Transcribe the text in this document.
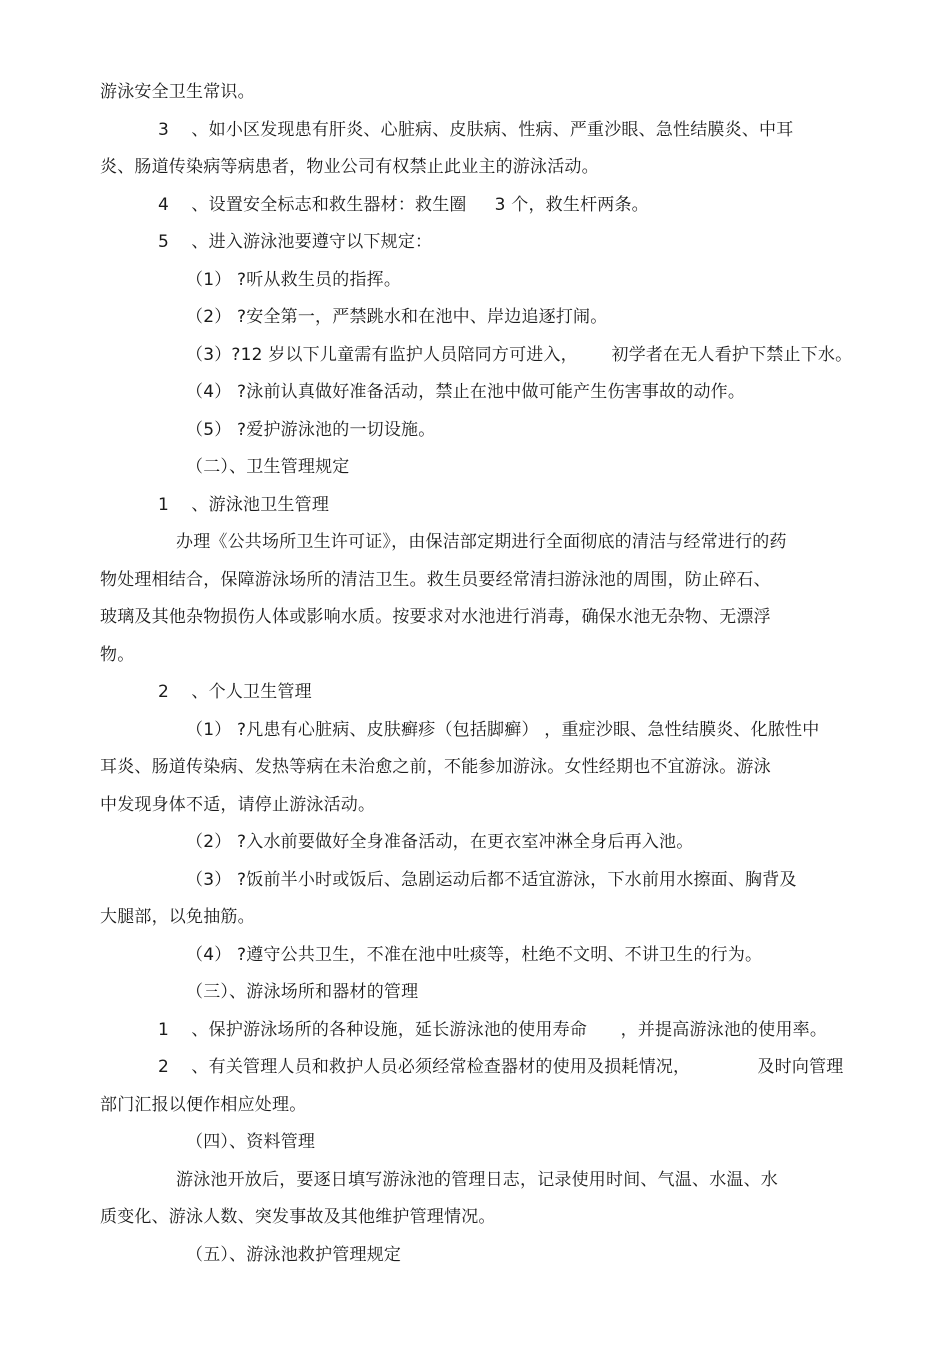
游泳安全卫生常识。
3    、如小区发现患有肝炎、心脏病、皮肤病、性病、严重沙眼、急性结膜炎、中耳
炎、肠道传染病等病患者，物业公司有权禁止此业主的游泳活动。
4    、设置安全标志和救生器材：救生圈     3 个，救生杆两条。
5    、进入游泳池要遵守以下规定：
（1） ?听从救生员的指挥。
（2） ?安全第一，严禁跳水和在池中、岸边追逐打闹。
（3）?12 岁以下儿童需有监护人员陪同方可进入，      初学者在无人看护下禁止下水。
（4） ?泳前认真做好准备活动，禁止在池中做可能产生伤害事故的动作。
（5） ?爱护游泳池的一切设施。
（二）、卫生管理规定
1    、游泳池卫生管理
办理《公共场所卫生许可证》，由保洁部定期进行全面彻底的清洁与经常进行的药
物处理相结合，保障游泳场所的清洁卫生。救生员要经常清扫游泳池的周围，防止碎石、
玻璃及其他杂物损伤人体或影响水质。按要求对水池进行消毒，确保水池无杂物、无漂浮
物。
2    、个人卫生管理
（1） ?凡患有心脏病、皮肤癣疹（包括脚癣） ，重症沙眼、急性结膜炎、化脓性中
耳炎、肠道传染病、发热等病在未治愈之前，不能参加游泳。女性经期也不宜游泳。游泳
中发现身体不适，请停止游泳活动。
（2） ?入水前要做好全身准备活动，在更衣室冲淋全身后再入池。
（3） ?饭前半小时或饭后、急剧运动后都不适宜游泳，下水前用水擦面、胸背及
大腿部，以免抽筋。
（4） ?遵守公共卫生，不准在池中吐痰等，杜绝不文明、不讲卫生的行为。
（三）、游泳场所和器材的管理
1    、保护游泳场所的各种设施，延长游泳池的使用寿命      ，并提高游泳池的使用率。
2    、有关管理人员和救护人员必须经常检查器材的使用及损耗情况，            及时向管理
部门汇报以便作相应处理。
（四）、资料管理
游泳池开放后，要逐日填写游泳池的管理日志，记录使用时间、气温、水温、水
质变化、游泳人数、突发事故及其他维护管理情况。
（五）、游泳池救护管理规定
